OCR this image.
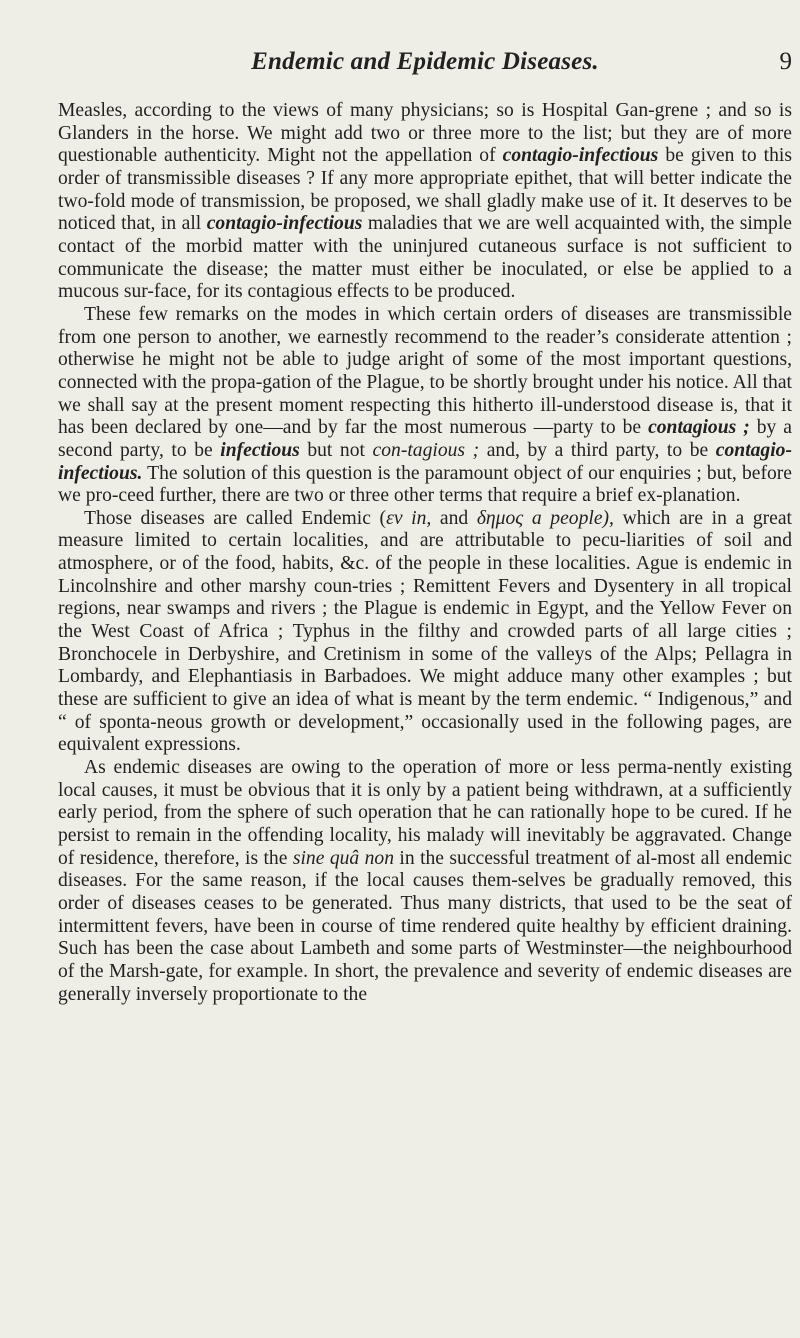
Endemic and Epidemic Diseases.	9

Measles, according to the views of many physicians; so is Hospital Gan-grene ; and so is Glanders in the horse. We might add two or three more to the list; but they are of more questionable authenticity. Might not the appellation of contagio-infectious be given to this order of transmissible diseases ? If any more appropriate epithet, that will better indicate the two-fold mode of transmission, be proposed, we shall gladly make use of it. It deserves to be noticed that, in all contagio-infectious maladies that we are well acquainted with, the simple contact of the morbid matter with the uninjured cutaneous surface is not sufficient to communicate the disease; the matter must either be inoculated, or else be applied to a mucous sur-face, for its contagious effects to be produced.

These few remarks on the modes in which certain orders of diseases are transmissible from one person to another, we earnestly recommend to the reader’s considerate attention ; otherwise he might not be able to judge aright of some of the most important questions, connected with the propa-gation of the Plague, to be shortly brought under his notice. All that we shall say at the present moment respecting this hitherto ill-understood disease is, that it has been declared by one—and by far the most numerous —party to be contagious ; by a second party, to be infectious but not con-tagious ; and, by a third party, to be contagio-infectious. The solution of this question is the paramount object of our enquiries ; but, before we pro-ceed further, there are two or three other terms that require a brief ex-planation.

Those diseases are called Endemic (εν in, and δημος a people), which are in a great measure limited to certain localities, and are attributable to pecu-liarities of soil and atmosphere, or of the food, habits, &c. of the people in these localities. Ague is endemic in Lincolnshire and other marshy coun-tries ; Remittent Fevers and Dysentery in all tropical regions, near swamps and rivers ; the Plague is endemic in Egypt, and the Yellow Fever on the West Coast of Africa ; Typhus in the filthy and crowded parts of all large cities ; Bronchocele in Derbyshire, and Cretinism in some of the valleys of the Alps; Pellagra in Lombardy, and Elephantiasis in Barbadoes. We might adduce many other examples ; but these are sufficient to give an idea of what is meant by the term endemic. “ Indigenous,” and “ of sponta-neous growth or development,” occasionally used in the following pages, are equivalent expressions.

As endemic diseases are owing to the operation of more or less perma-nently existing local causes, it must be obvious that it is only by a patient being withdrawn, at a sufficiently early period, from the sphere of such operation that he can rationally hope to be cured. If he persist to remain in the offending locality, his malady will inevitably be aggravated. Change of residence, therefore, is the sine quâ non in the successful treatment of al-most all endemic diseases. For the same reason, if the local causes them-selves be gradually removed, this order of diseases ceases to be generated. Thus many districts, that used to be the seat of intermittent fevers, have been in course of time rendered quite healthy by efficient draining. Such has been the case about Lambeth and some parts of Westminster—the neighbourhood of the Marsh-gate, for example. In short, the prevalence and severity of endemic diseases are generally inversely proportionate to the
